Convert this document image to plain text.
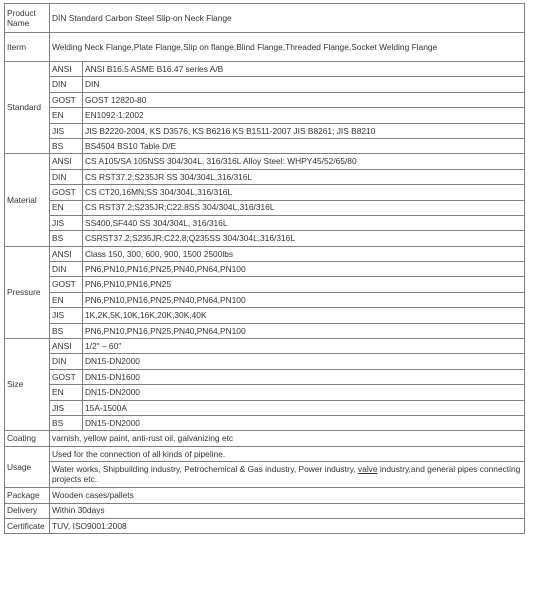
Product Name	DIN Standard Carbon Steel Slip-on Neck Flange	
Iterm	Welding Neck Flange,Plate Flange,Slip on flange,Blind Flange,Threaded Flange,Socket Welding Flange	
Standard	ANSI	ANSI B16.5 ASME B16.47 series A/B
	DIN	DIN
	GOST	GOST 12820-80
	EN	EN1092-1:2002
	JIS	JIS B2220-2004, KS D3576, KS B6216 KS B1511-2007 JIS B8261; JIS B8210
	BS	BS4504 BS10 Table D/E
Material	ANSI	CS A105/SA 105NSS 304/304L, 316/316L Alloy Steel: WHPY45/52/65/80
	DIN	CS RST37.2;S235JR SS 304/304L,316/316L
	GOST	CS CT20,16MN;SS 304/304L,316/316L
	EN	CS RST37.2;S235JR;C22.8SS 304/304L,316/316L
	JIS	SS400,SF440 SS 304/304L, 316/316L
	BS	CSRST37.2;S235JR;C22.8;Q235SS 304/304L,316/316L
Pressure	ANSI	Class 150, 300, 600, 900, 1500 2500lbs
	DIN	PN6,PN10,PN16,PN25,PN40,PN64,PN100
	GOST	PN6,PN10,PN16,PN25
	EN	PN6,PN10,PN16,PN25,PN40,PN64,PN100
	JIS	1K,2K,5K,10K,16K,20K,30K,40K
	BS	PN6,PN10,PN16,PN25,PN40,PN64,PN100
Size	ANSI	1/2" – 60"
	DIN	DN15-DN2000
	GOST	DN15-DN1600
	EN	DN15-DN2000
	JIS	15A-1500A
	BS	DN15-DN2000
Coating	varnish, yellow paint, anti-rust oil, galvanizing etc	
Usage	Used for the connection of all kinds of pipeline.	
	Water works, Shipbuilding industry, Petrochemical & Gas industry, Power industry, valve industry,and general pipes connecting projects etc.	
Package	Wooden cases/pallets	
Delivery	Within 30days	
Certificate	TUV, ISO9001:2008	
